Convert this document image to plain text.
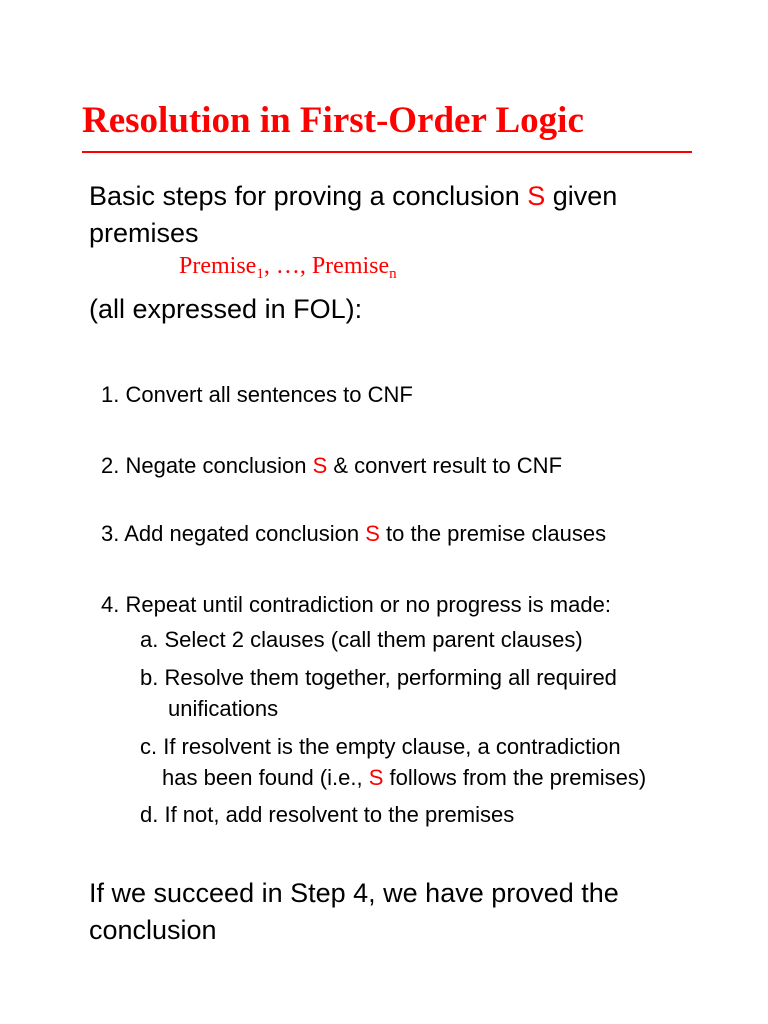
Resolution in First-Order Logic
Basic steps for proving a conclusion S given premises
Premise$_1$, …, Premise$_n$
(all expressed in FOL):
1. Convert all sentences to CNF
2. Negate conclusion S & convert result to CNF
3. Add negated conclusion S to the premise clauses
4. Repeat until contradiction or no progress is made:
a. Select 2 clauses (call them parent clauses)
b. Resolve them together, performing all required
unifications
c. If resolvent is the empty clause, a contradiction
has been found (i.e., S follows from the premises)
d. If not, add resolvent to the premises
If we succeed in Step 4, we have proved the conclusion
